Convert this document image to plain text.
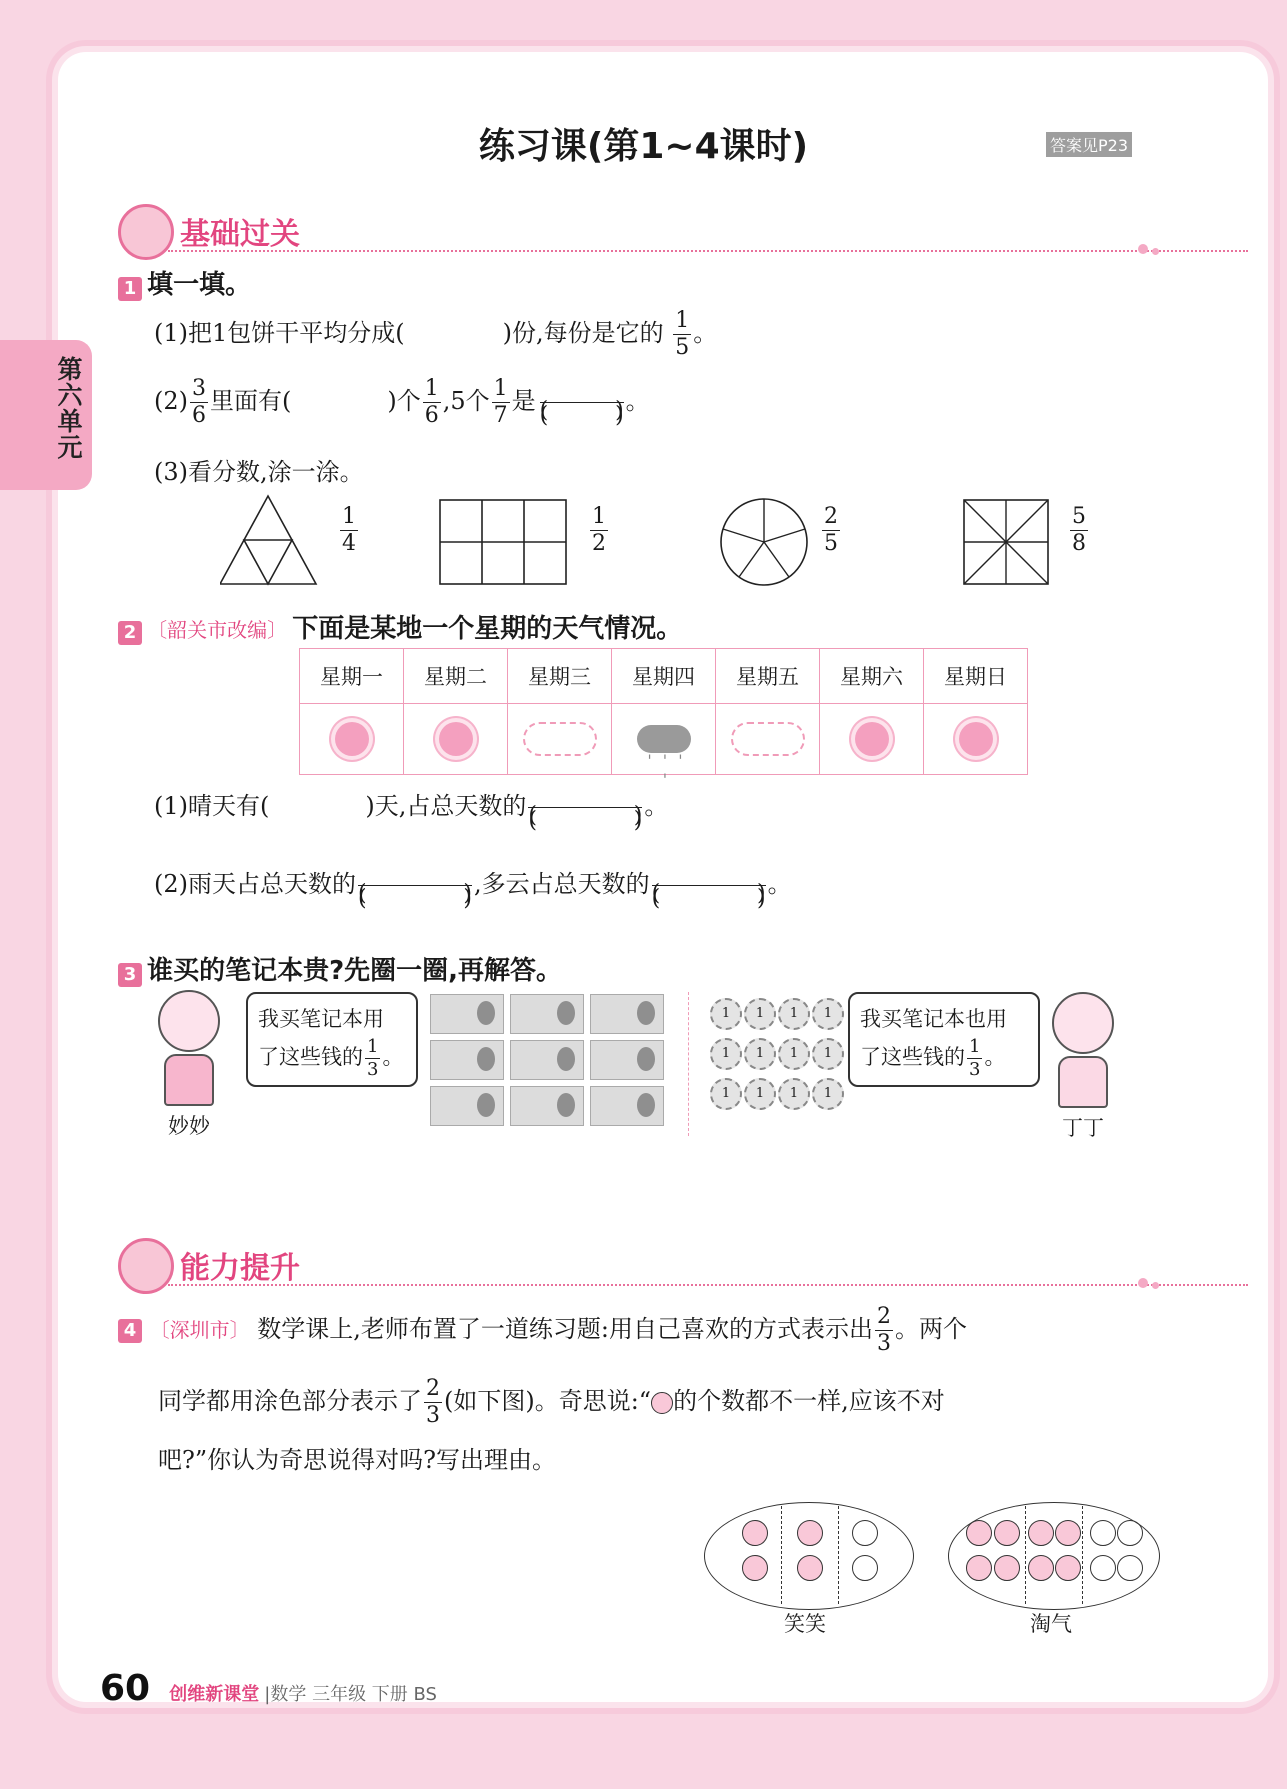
第六单元
练习课(第1~4课时)	答案见P23
基础过关
1 填一填。
(1)把1包饼干平均分成(	)份,每份是它的 $\frac{1}{5}$ 。
$(2) \frac{3}{6}$ 里面有(	)个 $\frac{1}{6} ,5$个 $\frac{1}{7}$ 是	。
(3)看分数,涂一涂。
1
4
1
2
2
5
5
8
2 〔韶关市改编〕 下面是某地一个星期的天气情况。
星期一	星期二	星期三	星期四	星期五	星期六	星期日

' ' ' '

(1)晴天有(	)天,占总天数的	。
(2)雨天占总天数的	,多云占总天数的	。
3 谁买的笔记本贵?先圈一圈,再解答。
妙妙
我买笔记本用
了这些钱的 $\frac{1}{3}$ 。
1	1	1	1
1	1	1	1
1	1	1	1
我买笔记本也用
了这些钱的 $\frac{1}{3}$ 。
丁丁
能力提升
4 〔深圳市〕 数学课上,老师布置了一道练习题:用自己喜欢的方式表示出 $\frac{2}{3}$ 。两个
同学都用涂色部分表示了 $\frac{2}{3}$ (如下图)。奇思说:“ 的个数都不一样,应该不对
吧?”你认为奇思说得对吗?写出理由。
笑笑	淘气
60 创维新课堂 |数学 三年级 下册 BS
